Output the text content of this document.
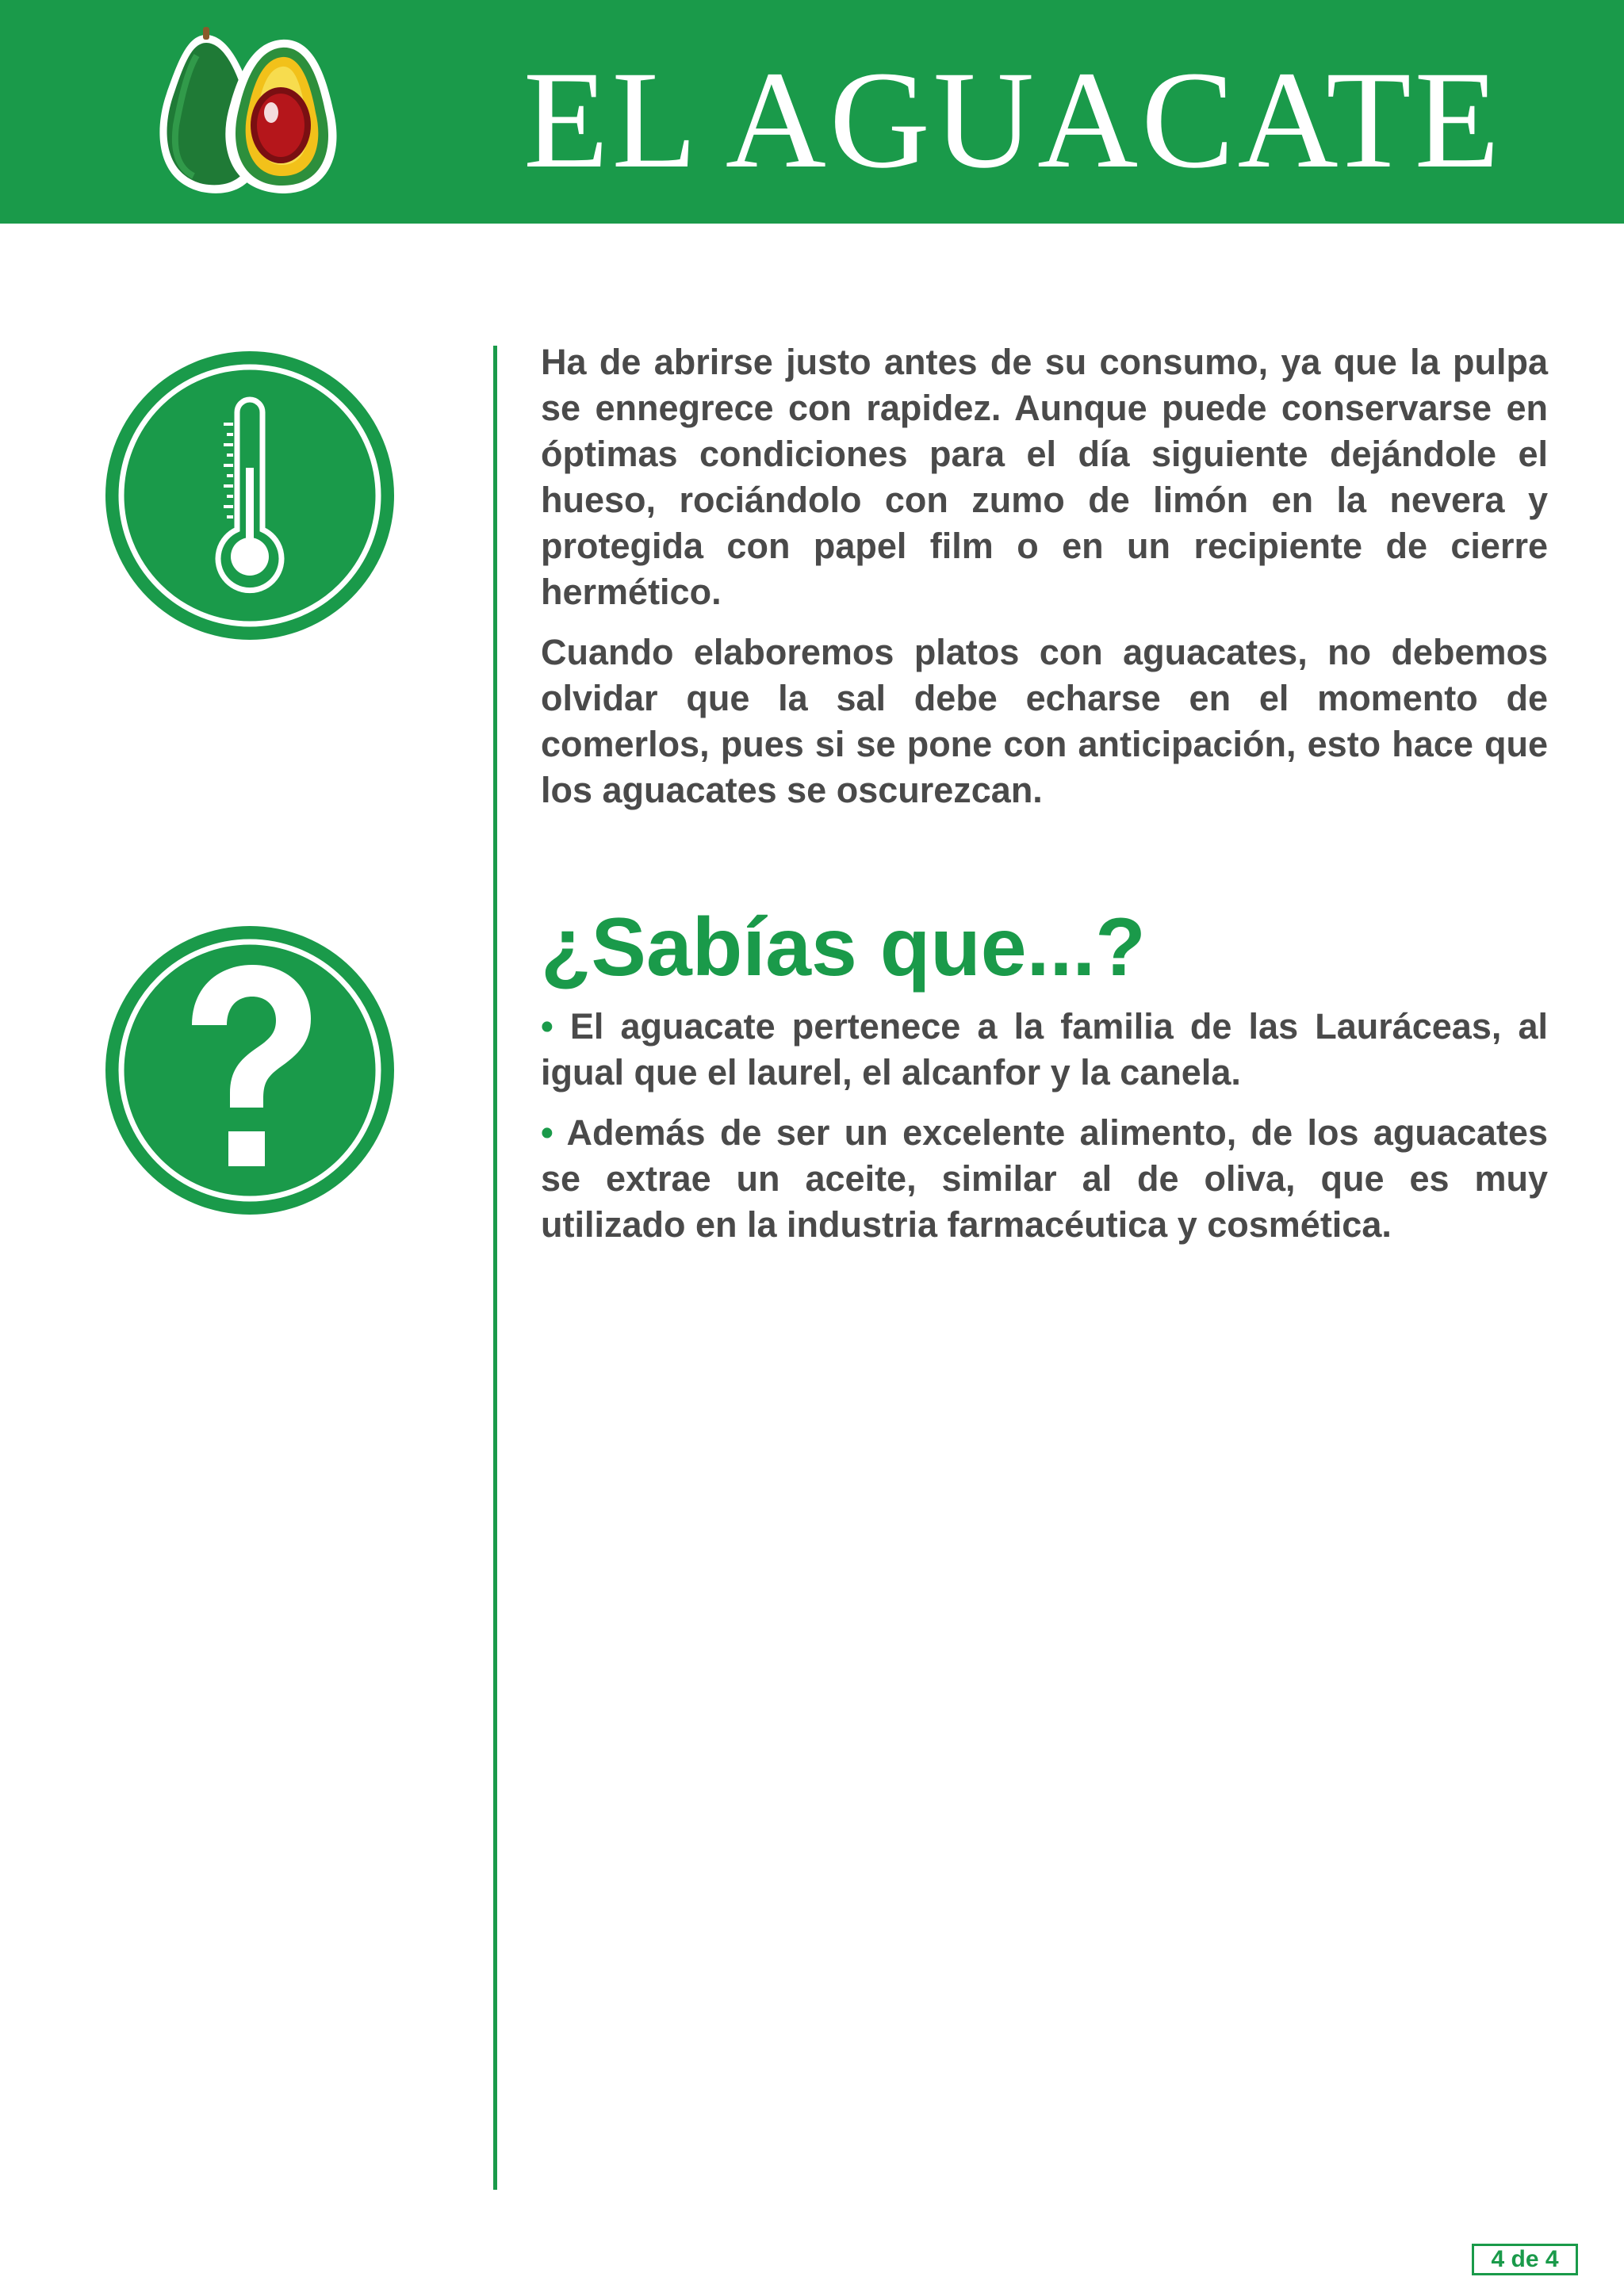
EL AGUACATE

Ha de abrirse justo antes de su consumo, ya que la pulpa se ennegrece con rapidez. Aunque puede conservarse en óptimas condiciones para el día siguiente dejándole el hueso, rociándolo con zumo de limón en la nevera y protegida con papel film o en un recipiente de cierre hermético.

Cuando elaboremos platos con aguacates, no debemos olvidar que la sal debe echarse en el momento de comerlos, pues si se pone con anticipación, esto hace que los aguacates se oscurezcan.

¿Sabías que...?

• El aguacate pertenece a la familia de las Lauráceas, al igual que el laurel, el alcanfor y la canela.

• Además de ser un excelente alimento, de los aguacates se extrae un aceite, similar al de oliva, que es muy utilizado en la industria farmacéutica y cosmética.

4 de 4
